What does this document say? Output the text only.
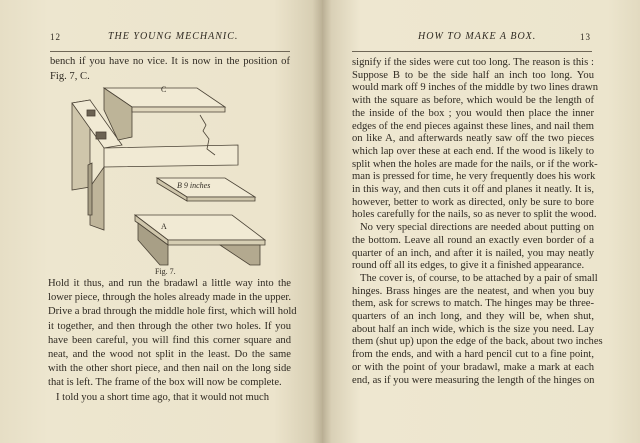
12	THE YOUNG MECHANIC.
bench if you have no vice. It is now in the position of
Fig. 7, C.
C
B 9 inches
A
Fig. 7.
Hold it thus, and run the bradawl a little way into the
lower piece, through the holes already made in the upper.
Drive a brad through the middle hole first, which will hold
it together, and then through the other two holes. If you
have been careful, you will find this corner square and
neat, and the wood not split in the least. Do the same
with the other short piece, and then nail on the long side
that is left. The frame of the box will now be complete.
I told you a short time ago, that it would not much
HOW TO MAKE A BOX.	13
signify if the sides were cut too long. The reason is this :
Suppose B to be the side half an inch too long. You
would mark off 9 inches of the middle by two lines drawn
with the square as before, which would be the length of
the inside of the box ; you would then place the inner
edges of the end pieces against these lines, and nail them
on like A, and afterwards neatly saw off the two pieces
which lap over these at each end. If the wood is likely to
split when the holes are made for the nails, or if the work-
man is pressed for time, he very frequently does his work
in this way, and then cuts it off and planes it neatly. It is,
however, better to work as directed, only be sure to bore
holes carefully for the nails, so as never to split the wood.
No very special directions are needed about putting on
the bottom. Leave all round an exactly even border of a
quarter of an inch, and after it is nailed, you may neatly
round off all its edges, to give it a finished appearance.
The cover is, of course, to be attached by a pair of small
hinges. Brass hinges are the neatest, and when you buy
them, ask for screws to match. The hinges may be three-
quarters of an inch long, and they will be, when shut,
about half an inch wide, which is the size you need. Lay
them (shut up) upon the edge of the back, about two inches
from the ends, and with a hard pencil cut to a fine point,
or with the point of your bradawl, make a mark at each
end, as if you were measuring the length of the hinges on
